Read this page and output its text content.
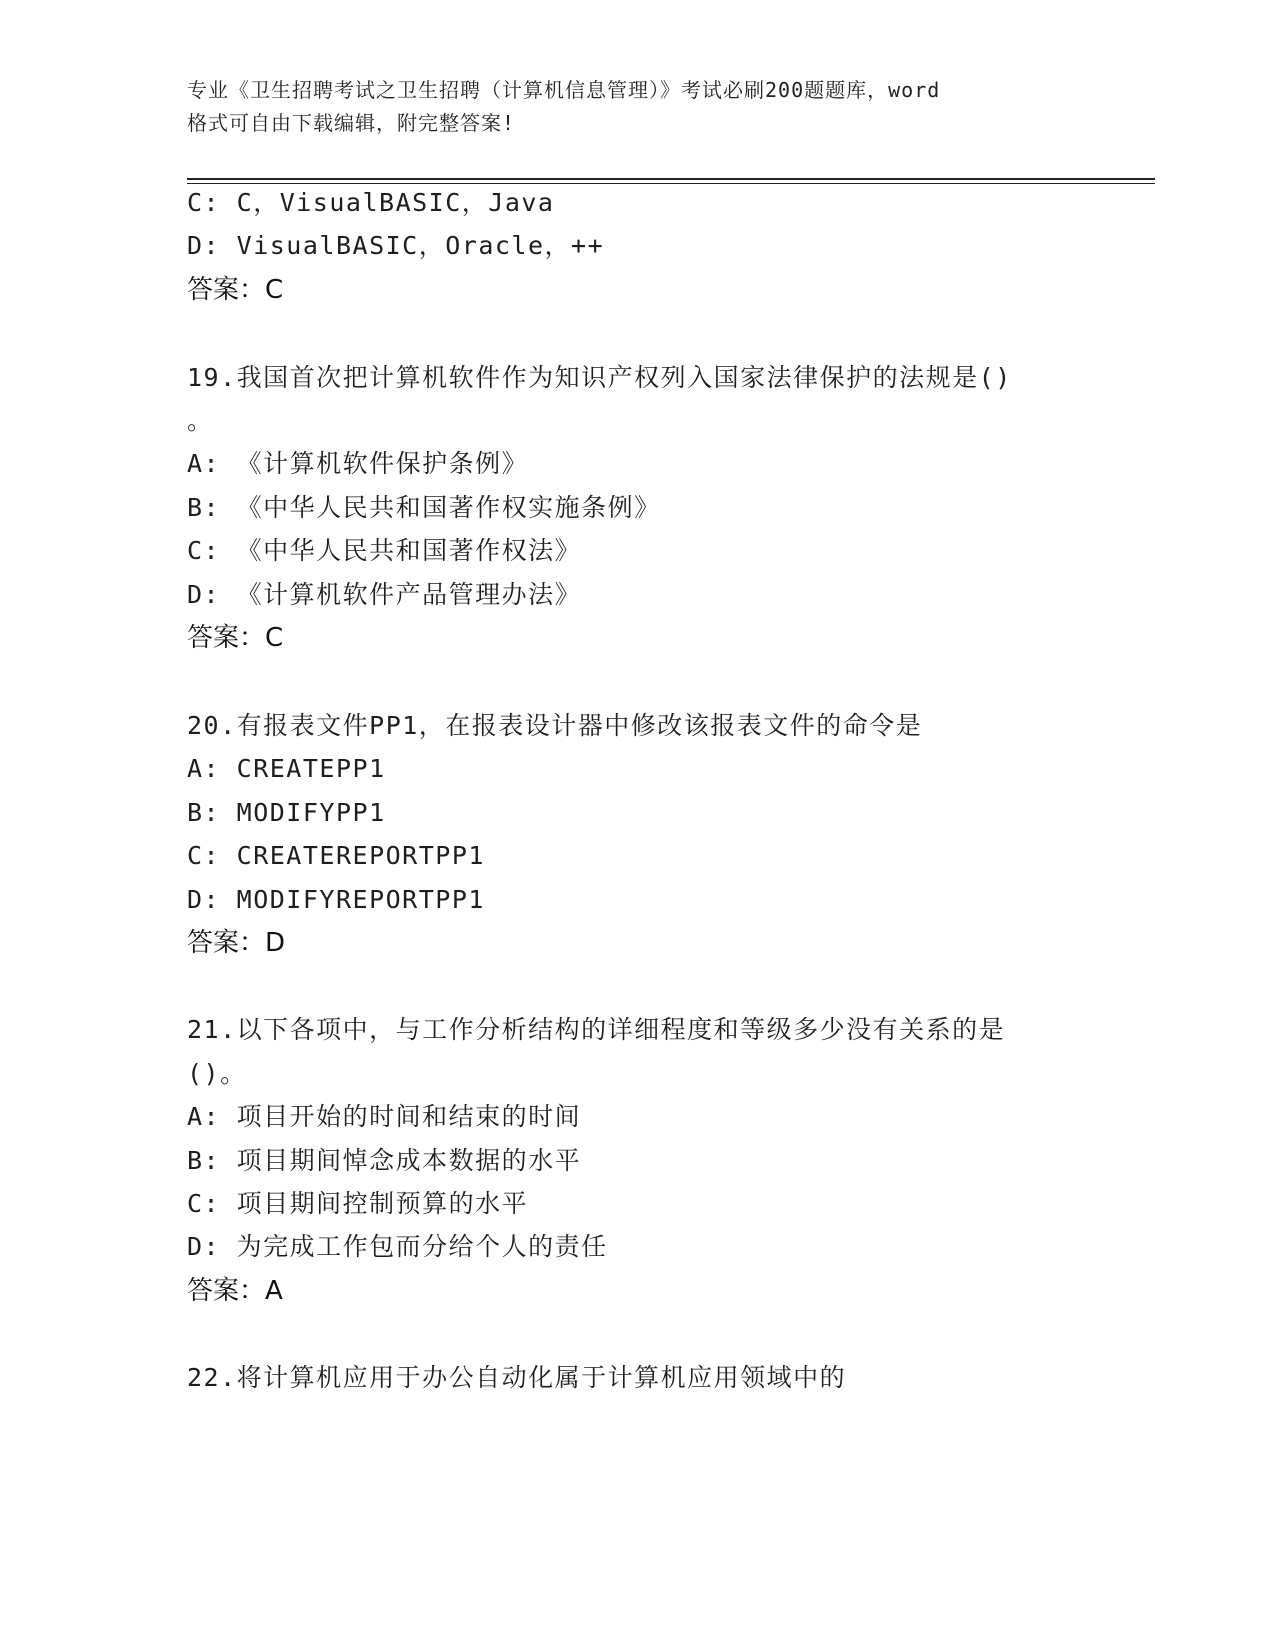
专业《卫生招聘考试之卫生招聘（计算机信息管理）》考试必刷200题题库，word
格式可自由下载编辑，附完整答案!
C: C，VisualBASIC，Java
D: VisualBASIC，Oracle，++
答案：C
19.我国首次把计算机软件作为知识产权列入国家法律保护的法规是()
。
A: 《计算机软件保护条例》
B: 《中华人民共和国著作权实施条例》
C: 《中华人民共和国著作权法》
D: 《计算机软件产品管理办法》
答案：C
20.有报表文件PP1，在报表设计器中修改该报表文件的命令是
A: CREATEPP1
B: MODIFYPP1
C: CREATEREPORTPP1
D: MODIFYREPORTPP1
答案：D
21.以下各项中，与工作分析结构的详细程度和等级多少没有关系的是
()。
A: 项目开始的时间和结束的时间
B: 项目期间悼念成本数据的水平
C: 项目期间控制预算的水平
D: 为完成工作包而分给个人的责任
答案：A
22.将计算机应用于办公自动化属于计算机应用领域中的
